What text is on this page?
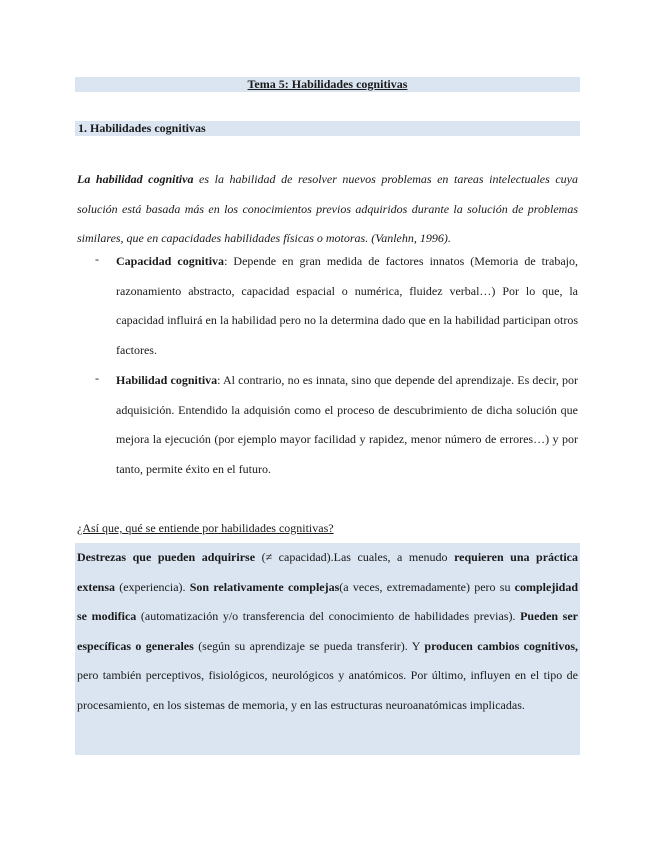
Tema 5: Habilidades cognitivas
1. Habilidades cognitivas

La habilidad cognitiva es la habilidad de resolver nuevos problemas en tareas intelectuales cuya solución está basada más en los conocimientos previos adquiridos durante la solución de problemas similares, que en capacidades habilidades físicas o motoras. (Vanlehn, 1996).

- Capacidad cognitiva: Depende en gran medida de factores innatos (Memoria de trabajo, razonamiento abstracto, capacidad espacial o numérica, fluidez verbal…) Por lo que, la capacidad influirá en la habilidad pero no la determina dado que en la habilidad participan otros factores.

- Habilidad cognitiva: Al contrario, no es innata, sino que depende del aprendizaje. Es decir, por adquisición. Entendido la adquisión como el proceso de descubrimiento de dicha solución que mejora la ejecución (por ejemplo mayor facilidad y rapidez, menor número de errores…) y por tanto, permite éxito en el futuro.

¿Así que, qué se entiende por habilidades cognitivas?

Destrezas que pueden adquirirse (≠ capacidad).Las cuales, a menudo requieren una práctica extensa (experiencia). Son relativamente complejas(a veces, extremadamente) pero su complejidad se modifica (automatización y/o transferencia del conocimiento de habilidades previas). Pueden ser específicas o generales (según su aprendizaje se pueda transferir). Y producen cambios cognitivos, pero también perceptivos, fisiológicos, neurológicos y anatómicos. Por último, influyen en el tipo de procesamiento, en los sistemas de memoria, y en las estructuras neuroanatómicas implicadas.
